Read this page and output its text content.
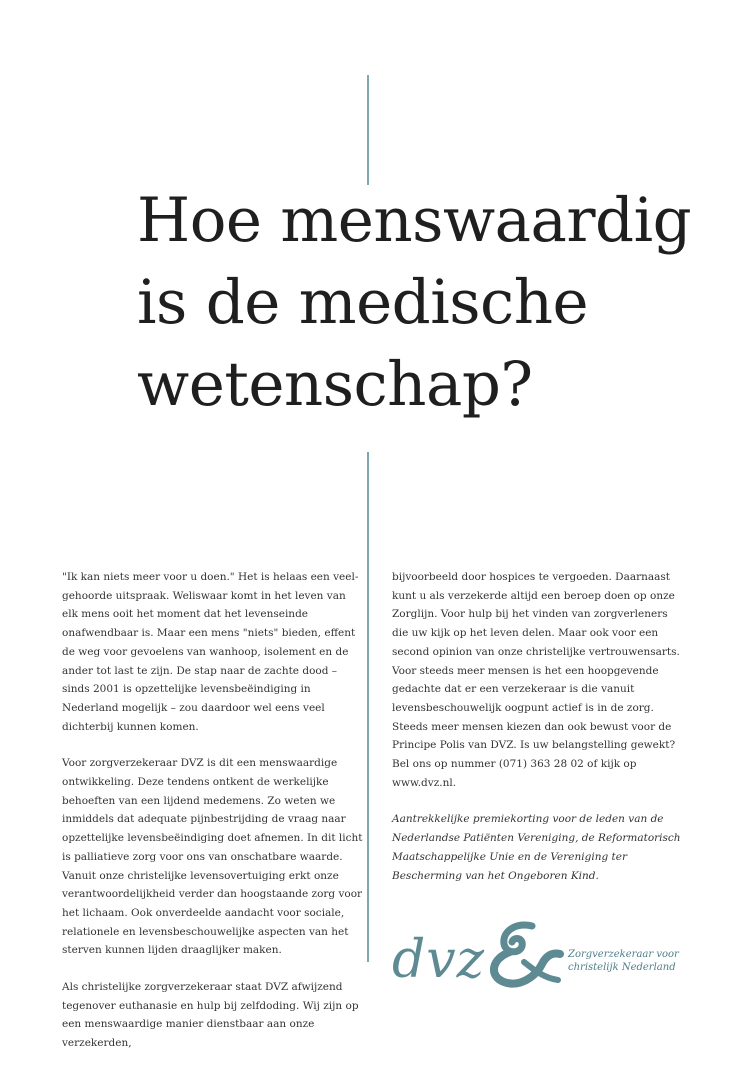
Hoe menswaardig
is de medische
wetenschap?

"Ik kan niets meer voor u doen." Het is helaas een veel-gehoorde uitspraak. Weliswaar komt in het leven van elk mens ooit het moment dat het levenseinde onafwendbaar is. Maar een mens "niets" bieden, effent de weg voor gevoelens van wanhoop, isolement en de ander tot last te zijn. De stap naar de zachte dood – sinds 2001 is opzettelijke levensbeëindiging in Nederland mogelijk – zou daardoor wel eens veel dichterbij kunnen komen.

Voor zorgverzekeraar DVZ is dit een menswaardige ontwikkeling. Deze tendens ontkent de werkelijke behoeften van een lijdend medemens. Zo weten we inmiddels dat adequate pijnbestrijding de vraag naar opzettelijke levensbeëindiging doet afnemen. In dit licht is palliatieve zorg voor ons van onschatbare waarde. Vanuit onze christelijke levensovertuiging erkt onze verantwoordelijkheid verder dan hoogstaande zorg voor het lichaam. Ook onverdeelde aandacht voor sociale, relationele en levensbeschouwelijke aspecten van het sterven kunnen lijden draaglijker maken.

Als christelijke zorgverzekeraar staat DVZ afwijzend tegenover euthanasie en hulp bij zelfdoding. Wij zijn op een menswaardige manier dienstbaar aan onze verzekerden,

bijvoorbeeld door hospices te vergoeden. Daarnaast kunt u als verzekerde altijd een beroep doen op onze Zorglijn. Voor hulp bij het vinden van zorgverleners die uw kijk op het leven delen. Maar ook voor een second opinion van onze christelijke vertrouwensarts. Voor steeds meer mensen is het een hoopgevende gedachte dat er een verzekeraar is die vanuit levensbeschouwelijk oogpunt actief is in de zorg. Steeds meer mensen kiezen dan ook bewust voor de Principe Polis van DVZ. Is uw belangstelling gewekt? Bel ons op nummer (071) 363 28 02 of kijk op www.dvz.nl.

Aantrekkelijke premiekorting voor de leden van de Nederlandse Patiënten Vereniging, de Reformatorisch Maatschappelijke Unie en de Vereniging ter Bescherming van het Ongeboren Kind.

dvz	Zorgverzekeraar voor
christelijk Nederland
